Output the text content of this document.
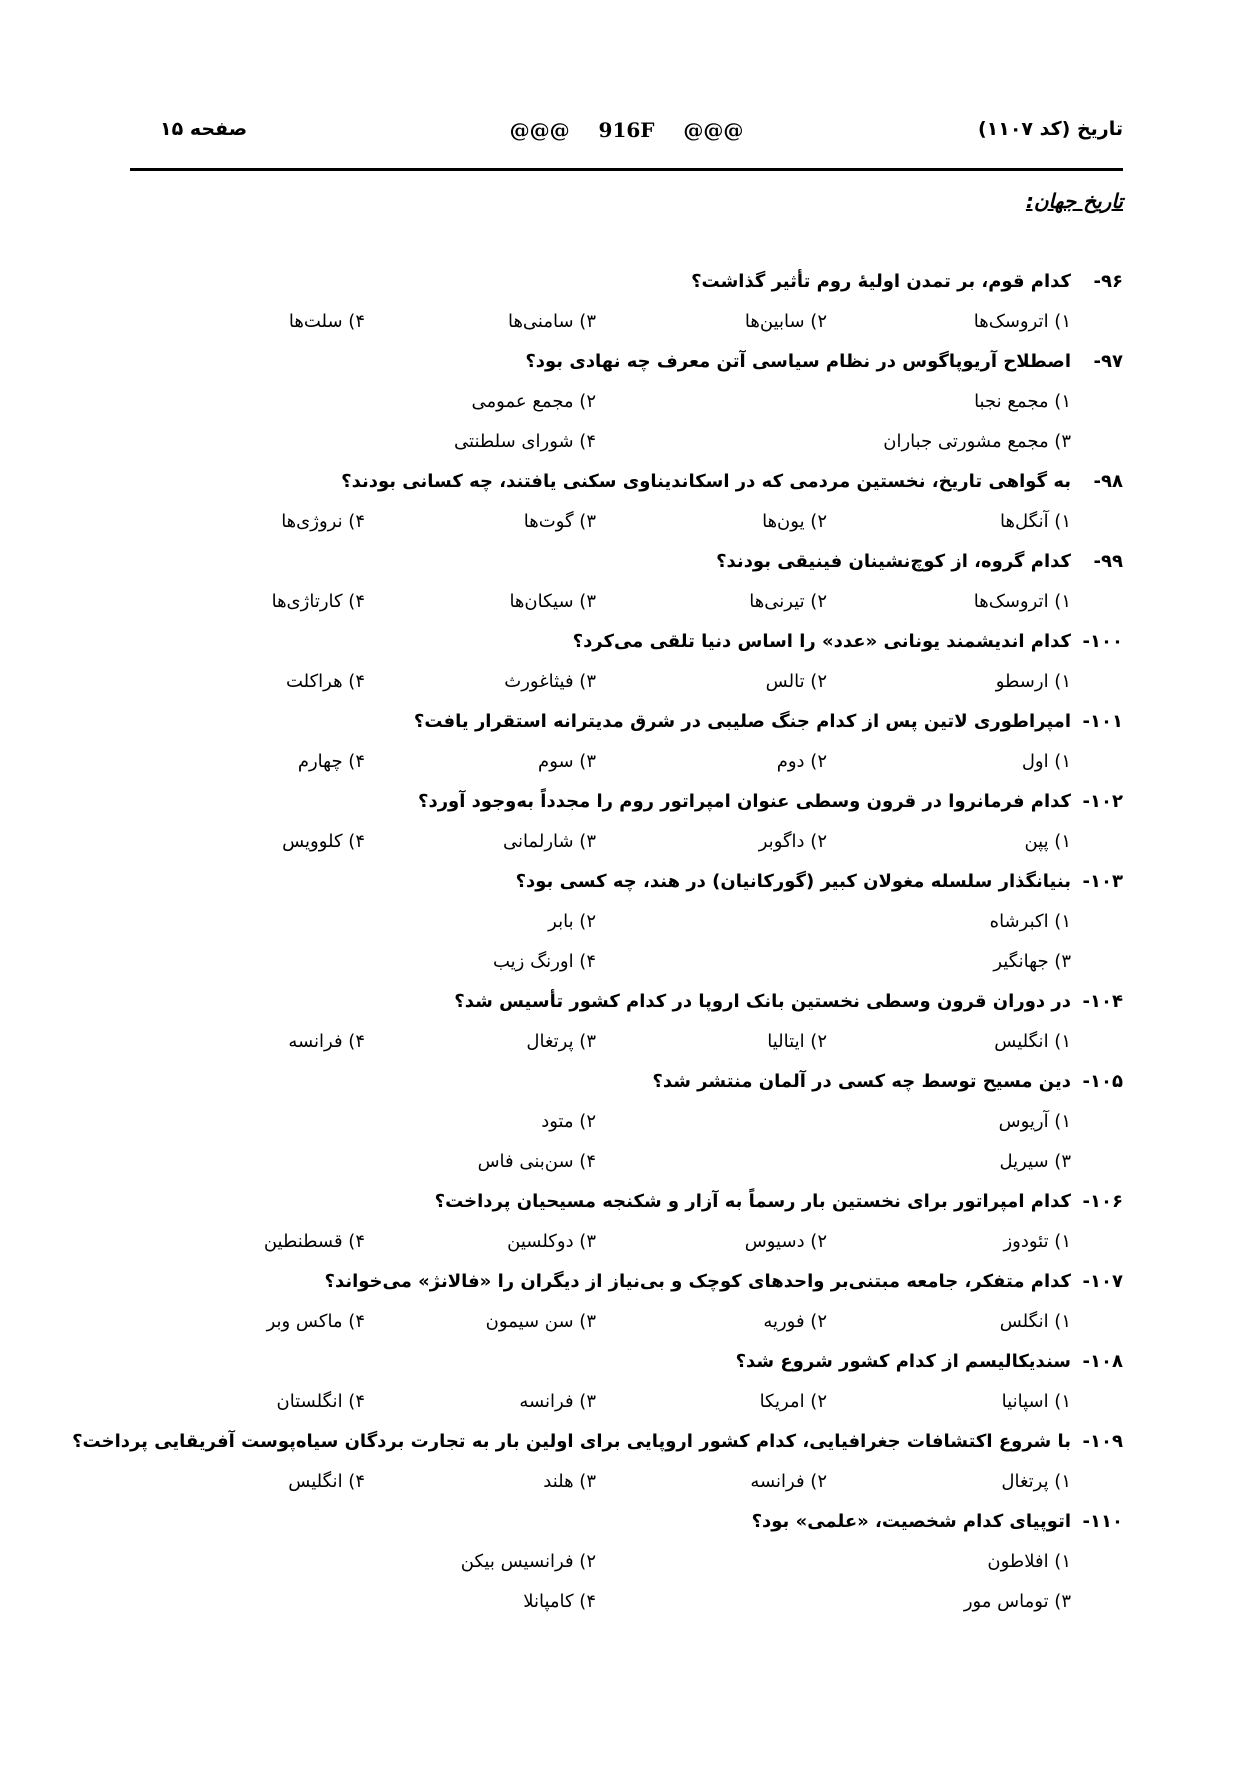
تاریخ (کد ۱۱۰۷)
@@@ 916F @@@
صفحه ۱۵
تاریخ جهان:
۹۶-کدام قوم، بر تمدن اولیهٔ روم تأثیر گذاشت؟
۱) اتروسک‌ها
۲) سابین‌ها
۳) سامنی‌ها
۴) سلت‌ها
۹۷-اصطلاح آریوپاگوس در نظام سیاسی آتن معرف چه نهادی بود؟
۱) مجمع نجبا
۲) مجمع عمومی
۳) مجمع مشورتی جباران
۴) شورای سلطنتی
۹۸-به گواهی تاریخ، نخستین مردمی که در اسکاندیناوی سکنی یافتند، چه کسانی بودند؟
۱) آنگل‌ها
۲) یون‌ها
۳) گوت‌ها
۴) نروژی‌ها
۹۹-کدام گروه، از کوچ‌نشینان فینیقی بودند؟
۱) اتروسک‌ها
۲) تیرنی‌ها
۳) سیکان‌ها
۴) کارتاژی‌ها
۱۰۰-کدام اندیشمند یونانی «عدد» را اساس دنیا تلقی می‌کرد؟
۱) ارسطو
۲) تالس
۳) فیثاغورث
۴) هراکلت
۱۰۱-امپراطوری لاتین پس از کدام جنگ صلیبی در شرق مدیترانه استقرار یافت؟
۱) اول
۲) دوم
۳) سوم
۴) چهارم
۱۰۲-کدام فرمانروا در قرون وسطی عنوان امپراتور روم را مجدداً به‌وجود آورد؟
۱) پپن
۲) داگوبر
۳) شارلمانی
۴) کلوویس
۱۰۳-بنیانگذار سلسله مغولان کبیر (گورکانیان) در هند، چه کسی بود؟
۱) اکبرشاه
۲) بابر
۳) جهانگیر
۴) اورنگ زیب
۱۰۴-در دوران قرون وسطی نخستین بانک اروپا در کدام کشور تأسیس شد؟
۱) انگلیس
۲) ایتالیا
۳) پرتغال
۴) فرانسه
۱۰۵-دین مسیح توسط چه کسی در آلمان منتشر شد؟
۱) آریوس
۲) متود
۳) سیریل
۴) سن‌بنی فاس
۱۰۶-کدام امپراتور برای نخستین بار رسماً به آزار و شکنجه مسیحیان پرداخت؟
۱) تئودوز
۲) دسیوس
۳) دوکلسین
۴) قسطنطین
۱۰۷-کدام متفکر، جامعه مبتنی‌بر واحدهای کوچک و بی‌نیاز از دیگران را «فالانژ» می‌خواند؟
۱) انگلس
۲) فوریه
۳) سن سیمون
۴) ماکس وبر
۱۰۸-سندیکالیسم از کدام کشور شروع شد؟
۱) اسپانیا
۲) امریکا
۳) فرانسه
۴) انگلستان
۱۰۹-با شروع اکتشافات جغرافیایی، کدام کشور اروپایی برای اولین بار به تجارت بردگان سیاه‌پوست آفریقایی پرداخت؟
۱) پرتغال
۲) فرانسه
۳) هلند
۴) انگلیس
۱۱۰-اتوپیای کدام شخصیت، «علمی» بود؟
۱) افلاطون
۲) فرانسیس بیکن
۳) توماس مور
۴) کامپانلا
